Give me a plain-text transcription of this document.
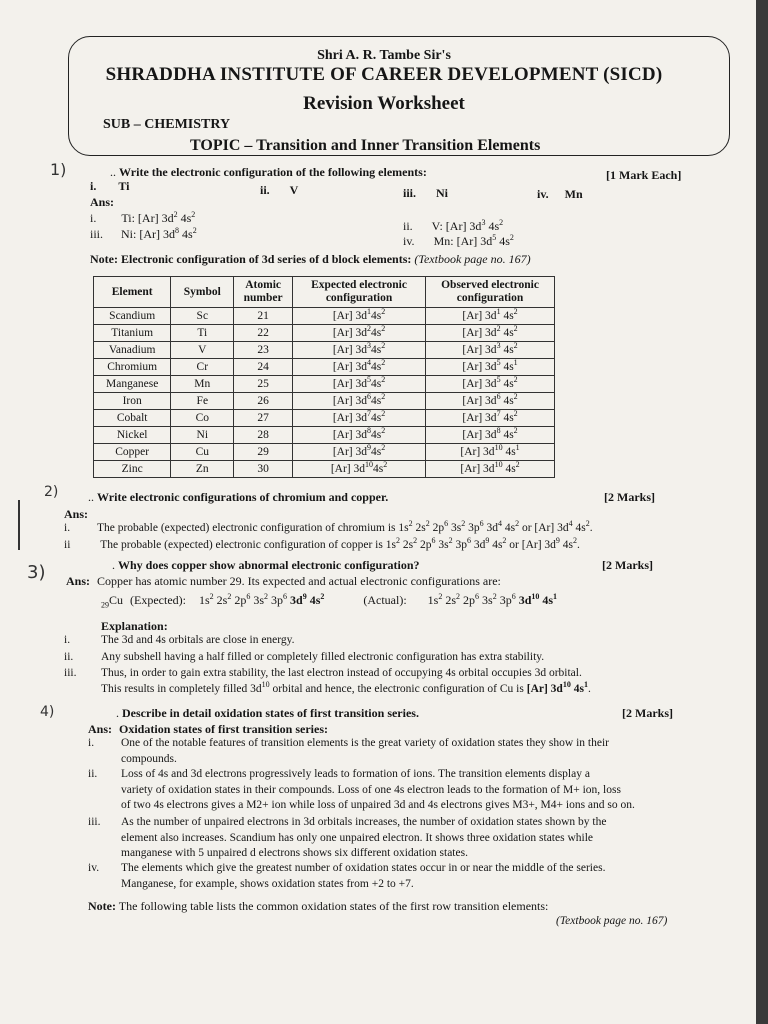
Shri A. R. Tambe Sir's
SHRADDHA INSTITUTE OF CAREER DEVELOPMENT (SICD)
Revision Worksheet
SUB – CHEMISTRY
TOPIC – Transition and Inner Transition Elements
1)
2)
3)
4)
.. Write the electronic configuration of the following elements:	[1 Mark Each]
i. Ti	ii. V	iii. Ni	iv. Mn
Ans:
i. Ti: [Ar] $3d^2$ $4s^2$
iii. Ni: [Ar] $3d^8$ $4s^2$	ii. V: [Ar] $3d^3$ $4s^2$
iv. Mn: [Ar] $3d^5$ $4s^2$
Note: Electronic configuration of 3d series of d block elements: (Textbook page no. 167)
Element	Symbol	Atomic number	Expected electronic configuration	Observed electronic configuration
Scandium	Sc	21	[Ar] $3d^14s^2$	[Ar] $3d^1$ $4s^2$
Titanium	Ti	22	[Ar] $3d^24s^2$	[Ar] $3d^2$ $4s^2$
Vanadium	V	23	[Ar] $3d^34s^2$	[Ar] $3d^3$ $4s^2$
Chromium	Cr	24	[Ar] $3d^44s^2$	[Ar] $3d^5$ $4s^1$
Manganese	Mn	25	[Ar] $3d^54s^2$	[Ar] $3d^5$ $4s^2$
Iron	Fe	26	[Ar] $3d^64s^2$	[Ar] $3d^6$ $4s^2$
Cobalt	Co	27	[Ar] $3d^74s^2$	[Ar] $3d^7$ $4s^2$
Nickel	Ni	28	[Ar] $3d^84s^2$	[Ar] $3d^8$ $4s^2$
Copper	Cu	29	[Ar] $3d^94s^2$	[Ar] $3d^{10}$ $4s^1$
Zinc	Zn	30	[Ar] $3d^{10}4s^2$	[Ar] $3d^{10}$ $4s^2$
.. Write electronic configurations of chromium and copper.	[2 Marks]
Ans:
i. The probable (expected) electronic configuration of chromium is $1s^2$ $2s^2$ $2p^6$ $3s^2$ $3p^6$ $3d^4$ $4s^2$ or [Ar] $3d^4$ $4s^2$.
ii	The probable (expected) electronic configuration of copper is $1s^2$ $2s^2$ $2p^6$ $3s^2$ $3p^6$ $3d^9$ $4s^2$ or [Ar] $3d^9$ $4s^2$.
. Why does copper show abnormal electronic configuration?	[2 Marks]
Ans: Copper has atomic number 29. Its expected and actual electronic configurations are:
$_{29}$Cu (Expected): $1s^2$ $2s^2$ $2p^6$ $3s^2$ $3p^6$ $3d^9$ $4s^2$	(Actual): $1s^2$ $2s^2$ $2p^6$ $3s^2$ $3p^6$ $3d^{10}$ $4s^1$
Explanation:
i.	The 3d and 4s orbitals are close in energy.
ii. Any subshell having a half filled or completely filled electronic configuration has extra stability.
iii. Thus, in order to gain extra stability, the last electron instead of occupying 4s orbital occupies 3d orbital.
This results in completely filled $3d^{10}$ orbital and hence, the electronic configuration of Cu is [Ar] $3d^{10}$ $4s^1$.
. Describe in detail oxidation states of first transition series.	[2 Marks]
Ans: Oxidation states of first transition series:
i. One of the notable features of transition elements is the great variety of oxidation states they show in their
compounds.
ii. Loss of 4s and 3d electrons progressively leads to formation of ions. The transition elements display a
variety of oxidation states in their compounds. Loss of one 4s electron leads to the formation of M+ ion, loss
of two 4s electrons gives a M2+ ion while loss of unpaired 3d and 4s electrons gives M3+, M4+ ions and so on.
iii. As the number of unpaired electrons in 3d orbitals increases, the number of oxidation states shown by the
element also increases. Scandium has only one unpaired electron. It shows three oxidation states while
manganese with 5 unpaired d electrons shows six different oxidation states.
iv. The elements which give the greatest number of oxidation states occur in or near the middle of the series.
Manganese, for example, shows oxidation states from +2 to +7.
Note: The following table lists the common oxidation states of the first row transition elements:
(Textbook page no. 167)
